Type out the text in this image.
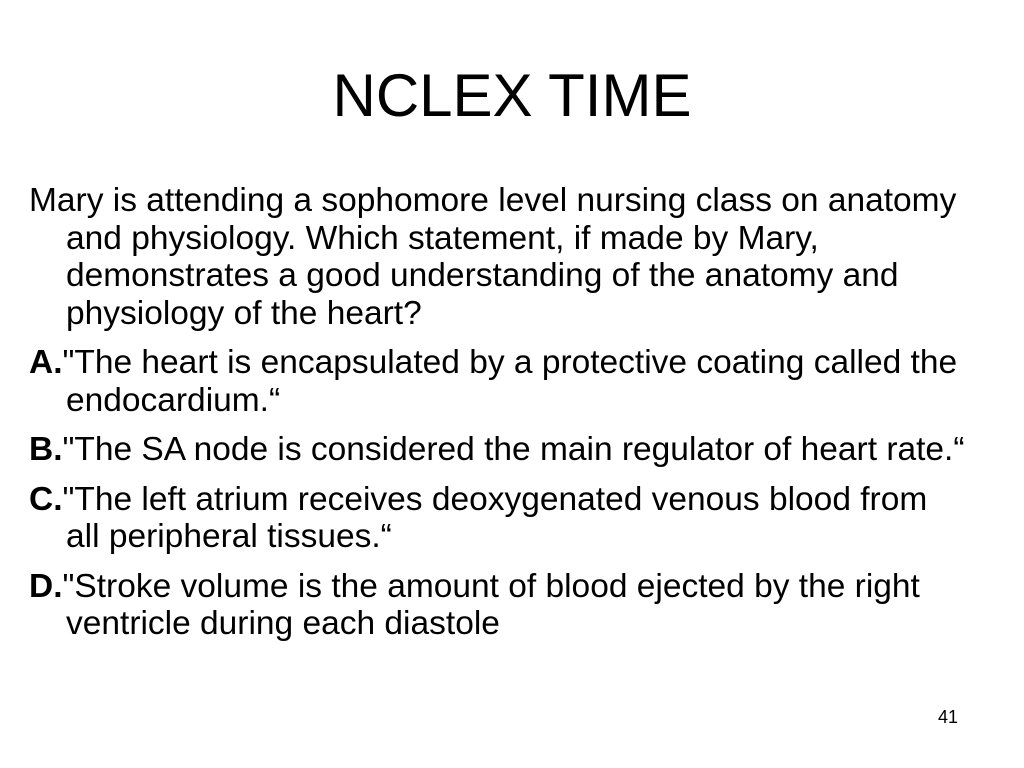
NCLEX TIME

Mary is attending a sophomore level nursing class on anatomy and physiology. Which statement, if made by Mary, demonstrates a good understanding of the anatomy and physiology of the heart?

A."The heart is encapsulated by a protective coating called the endocardium.“

B."The SA node is considered the main regulator of heart rate.“

C."The left atrium receives deoxygenated venous blood from all peripheral tissues.“

D."Stroke volume is the amount of blood ejected by the right ventricle during each diastole

41
